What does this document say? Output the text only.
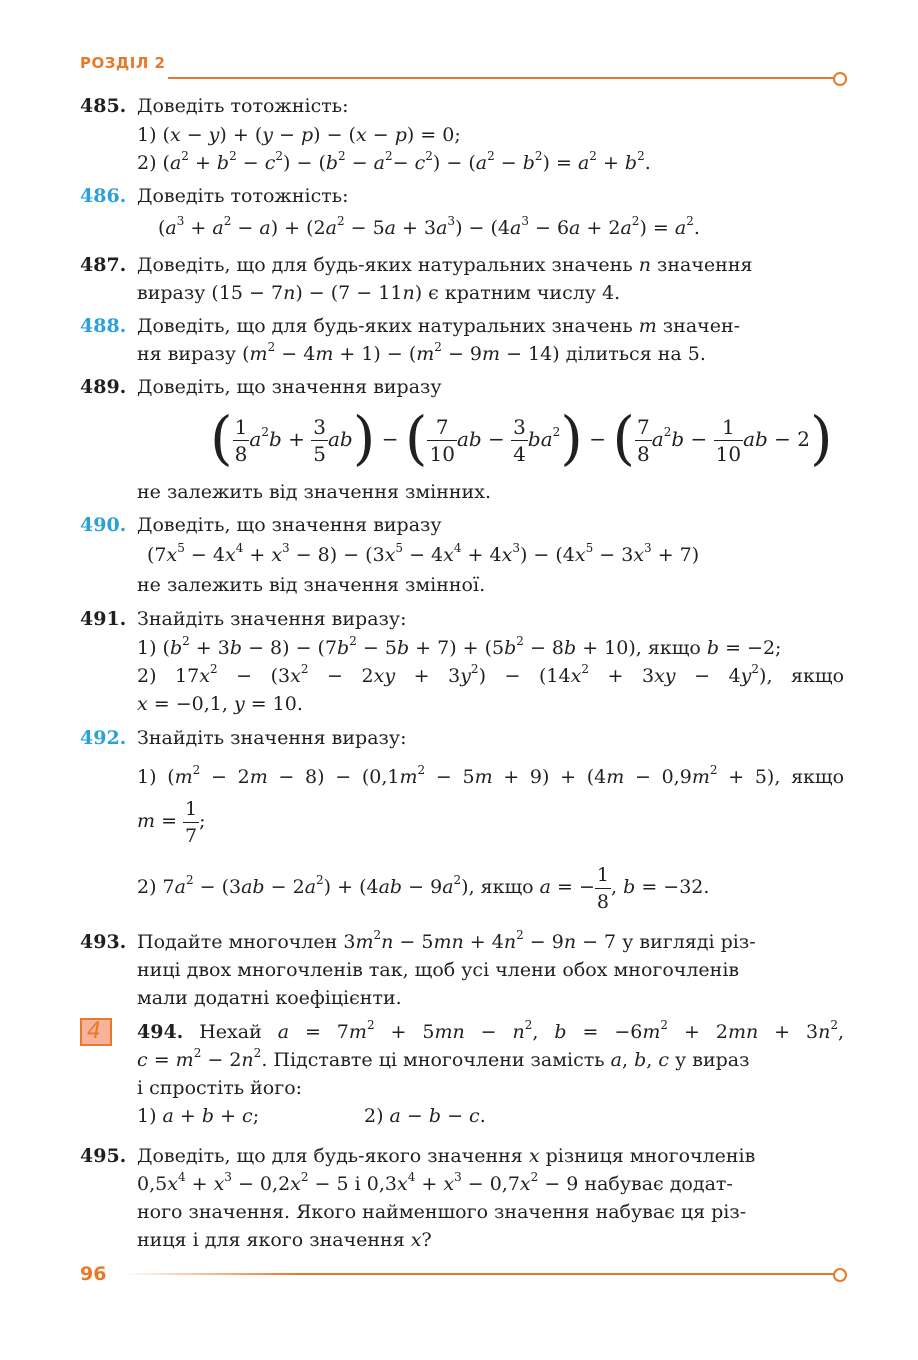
РОЗДІЛ 2
485. Доведіть тотожність:
1) (x − y) + (y − p) − (x − p) = 0;
2) $(a^2 + b^2 - c^2) - (b^2 - a^2- c^2) - (a^2 - b^2) = a^2 + b^2$.
486. Доведіть тотожність:
$(a^3 + a^2 - a) + (2a^2 - 5a + 3a^3) - (4a^3 - 6a + 2a^2) = a^2$.
487. Доведіть, що для будь-яких натуральних значень n значення
виразу (15 − 7n) − (7 − 11n) є кратним числу 4.
488. Доведіть, що для будь-яких натуральних значень m значен-
ня виразу $(m^2 - 4m + 1) - (m^2 - 9m - 14)$ ділиться на 5.
489. Доведіть, що значення виразу
( $\frac{1}{8} a^2b + \frac{3}{5} ab$) − ( $\frac{7}{10}$ ab − $\frac{3}{4} ba^2$) − ( $\frac{7}{8} a^2b - \frac{1}{10}$ ab − 2)
не залежить від значення змінних.
490. Доведіть, що значення виразу
$(7x^5 - 4x^4 + x^3 - 8) - (3x^5 - 4x^4 + 4x^3) - (4x^5 - 3x^3 + 7)$
не залежить від значення змінної.
491. Знайдіть значення виразу:
1) $(b^2 + 3b - 8) - (7b^2 - 5b + 7) + (5b^2 - 8b + 10)$, якщо b = −2;
2) $17x^2 - (3x^2 - 2xy + 3y^2) - (14x^2 + 3xy - 4y^2)$, якщо
x = −0,1, y = 10.
492. Знайдіть значення виразу:
1) $(m^2 - 2m - 8) - (0,1m^2 - 5m + 9) + (4m - 0,9m^2 + 5)$, якщо
$m = \frac{1}{7}$ ;
2) $7a^2 - (3ab - 2a^2) + (4ab - 9a^2)$, якщо a = − $\frac{1}{8}$ , b = −32.
493. Подайте многочлен $3m^2n - 5mn + 4n^2 - 9n - 7$ у вигляді різ-
ниці двох многочленів так, щоб усі члени обох многочленів
мали додатні коефіцієнти.
4 494. Нехай $a = 7m^2 + 5mn - n^2$, $b = -6m^2 + 2mn + 3n^2$,
$c = m^2 - 2n^2$. Підставте ці многочлени замість a, b, c у вираз
і спростіть його:
1) a + b + c;	2) a − b − c.
495. Доведіть, що для будь-якого значення x різниця многочленів
$0,5x^4 + x^3 - 0,2x^2 - 5$ і $0,3x^4 + x^3 - 0,7x^2 - 9$ набуває додат-
ного значення. Якого найменшого значення набуває ця різ-
ниця і для якого значення x?
96
